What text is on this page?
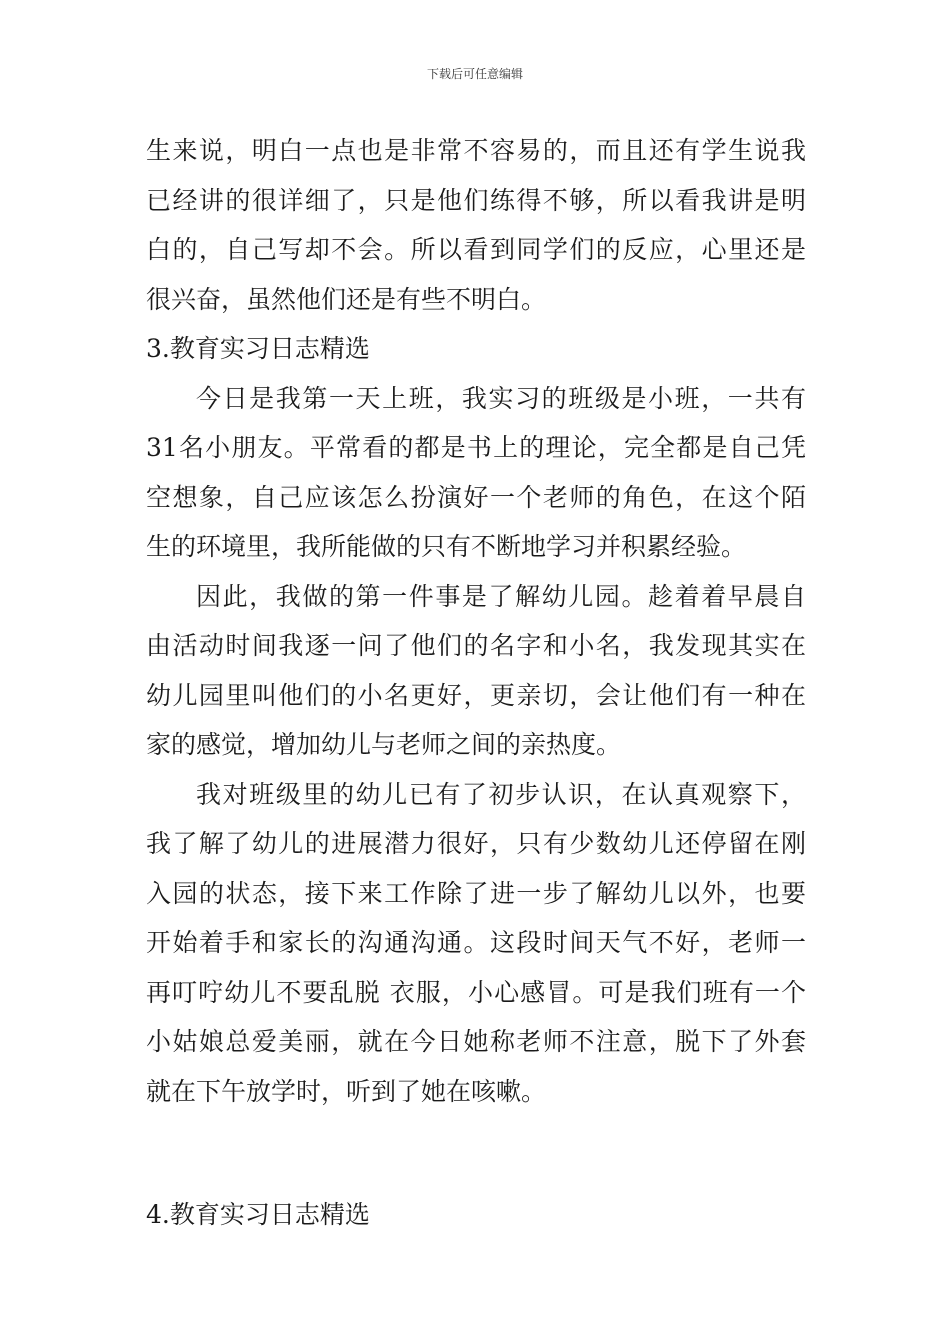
下载后可任意编辑
生来说，明白一点也是非常不容易的，而且还有学生说我
已经讲的很详细了，只是他们练得不够，所以看我讲是明
白的，自己写却不会。所以看到同学们的反应，心里还是
很兴奋，虽然他们还是有些不明白。
3.教育实习日志精选
今日是我第一天上班，我实习的班级是小班，一共有
31名小朋友。平常看的都是书上的理论，完全都是自己凭
空想象，自己应该怎么扮演好一个老师的角色，在这个陌
生的环境里，我所能做的只有不断地学习并积累经验。
因此，我做的第一件事是了解幼儿园。趁着着早晨自
由活动时间我逐一问了他们的名字和小名，我发现其实在
幼儿园里叫他们的小名更好，更亲切，会让他们有一种在
家的感觉，增加幼儿与老师之间的亲热度。
我对班级里的幼儿已有了初步认识，在认真观察下，
我了解了幼儿的进展潜力很好，只有少数幼儿还停留在刚
入园的状态，接下来工作除了进一步了解幼儿以外，也要
开始着手和家长的沟通沟通。这段时间天气不好，老师一
再叮咛幼儿不要乱脱 衣服，小心感冒。可是我们班有一个
小姑娘总爱美丽，就在今日她称老师不注意，脱下了外套
就在下午放学时，听到了她在咳嗽。
4.教育实习日志精选
